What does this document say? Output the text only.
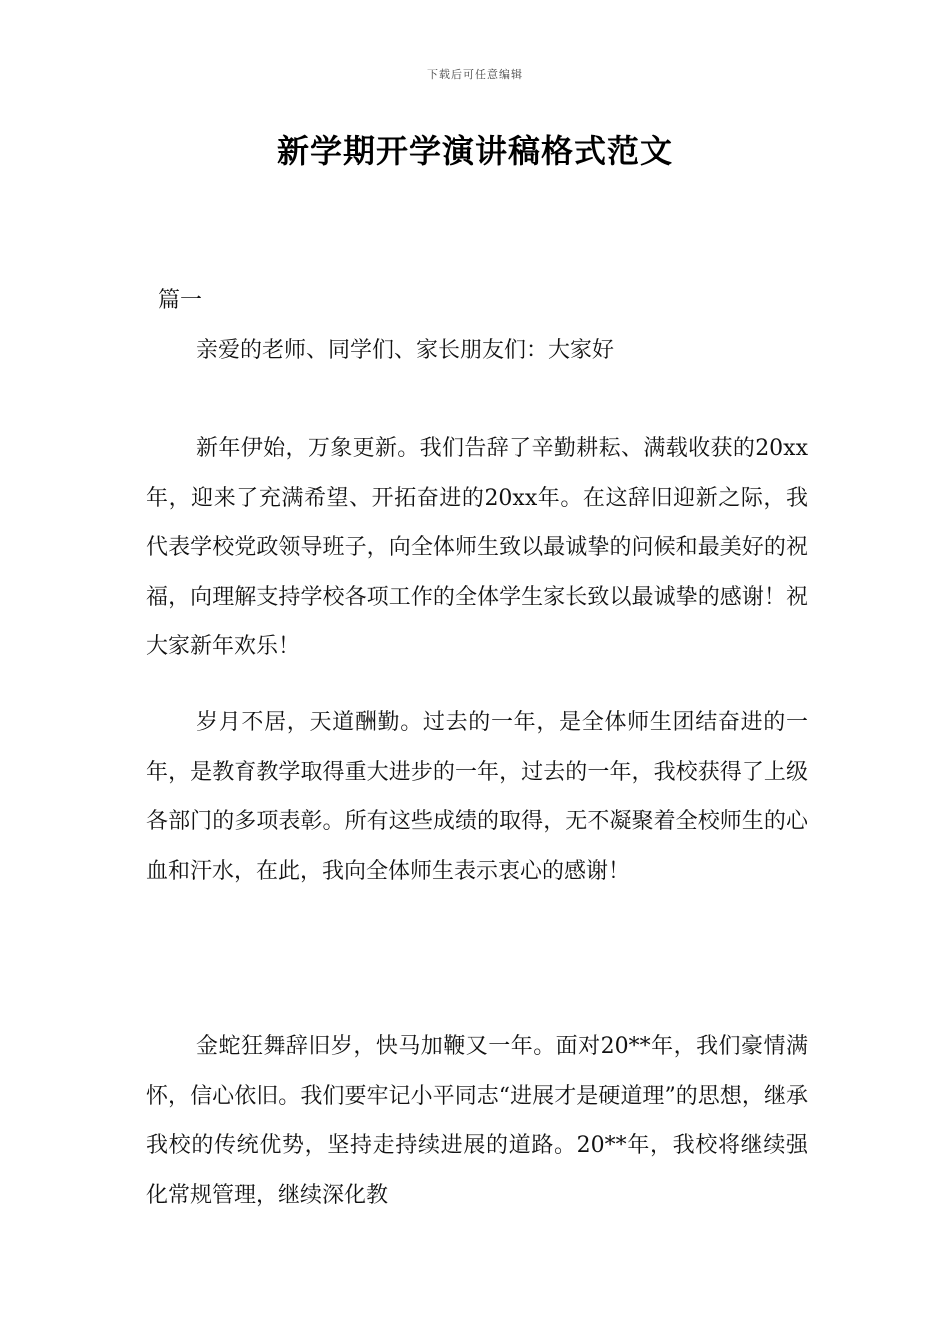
下载后可任意编辑
新学期开学演讲稿格式范文
篇一
亲爱的老师、同学们、家长朋友们：大家好

新年伊始，万象更新。我们告辞了辛勤耕耘、满载收获的20xx年，迎来了充满希望、开拓奋进的20xx年。在这辞旧迎新之际，我代表学校党政领导班子，向全体师生致以最诚挚的问候和最美好的祝福，向理解支持学校各项工作的全体学生家长致以最诚挚的感谢！祝大家新年欢乐！

岁月不居，天道酬勤。过去的一年，是全体师生团结奋进的一年，是教育教学取得重大进步的一年，过去的一年，我校获得了上级各部门的多项表彰。所有这些成绩的取得，无不凝聚着全校师生的心血和汗水，在此，我向全体师生表示衷心的感谢！

金蛇狂舞辞旧岁，快马加鞭又一年。面对20**年，我们豪情满怀，信心依旧。我们要牢记小平同志“进展才是硬道理”的思想，继承我校的传统优势，坚持走持续进展的道路。20**年，我校将继续强化常规管理，继续深化教
